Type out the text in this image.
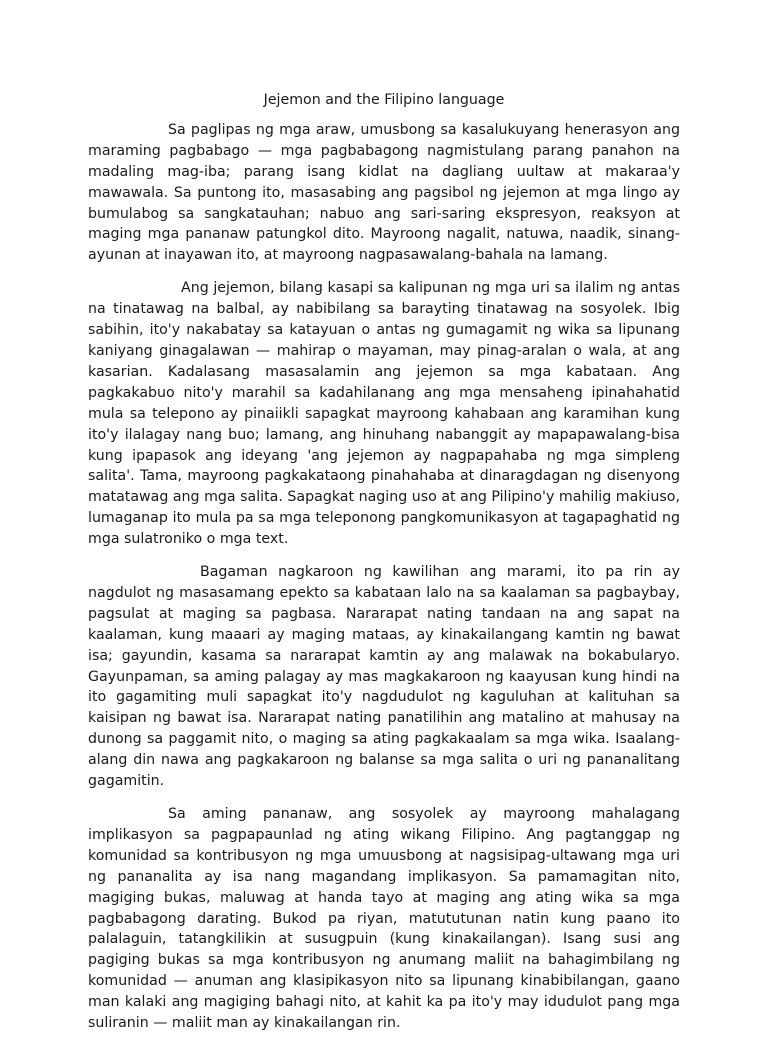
Jejemon and the Filipino language

Sa paglipas ng mga araw, umusbong sa kasalukuyang henerasyon ang maraming pagbabago — mga pagbabagong nagmistulang parang panahon na madaling mag-iba; parang isang kidlat na dagliang uultaw at makaraa'y mawawala. Sa puntong ito, masasabing ang pagsibol ng jejemon at mga lingo ay bumulabog sa sangkatauhan; nabuo ang sari-saring ekspresyon, reaksyon at maging mga pananaw patungkol dito. Mayroong nagalit, natuwa, naadik, sinang-ayunan at inayawan ito, at mayroong nagpasawalang-bahala na lamang.

Ang jejemon, bilang kasapi sa kalipunan ng mga uri sa ilalim ng antas na tinatawag na balbal, ay nabibilang sa barayting tinatawag na sosyolek. Ibig sabihin, ito'y nakabatay sa katayuan o antas ng gumagamit ng wika sa lipunang kaniyang ginagalawan — mahirap o mayaman, may pinag-aralan o wala, at ang kasarian. Kadalasang masasalamin ang jejemon sa mga kabataan. Ang pagkakabuo nito'y marahil sa kadahilanang ang mga mensaheng ipinahahatid mula sa telepono ay pinaiikli sapagkat mayroong kahabaan ang karamihan kung ito'y ilalagay nang buo; lamang, ang hinuhang nabanggit ay mapapawalang-bisa kung ipapasok ang ideyang 'ang jejemon ay nagpapahaba ng mga simpleng salita'. Tama, mayroong pagkakataong pinahahaba at dinaragdagan ng disenyong matatawag ang mga salita. Sapagkat naging uso at ang Pilipino'y mahilig makiuso, lumaganap ito mula pa sa mga teleponong pangkomunikasyon at tagapaghatid ng mga sulatroniko o mga text.

Bagaman nagkaroon ng kawilihan ang marami, ito pa rin ay nagdulot ng masasamang epekto sa kabataan lalo na sa kaalaman sa pagbaybay, pagsulat at maging sa pagbasa. Nararapat nating tandaan na ang sapat na kaalaman, kung maaari ay maging mataas, ay kinakailangang kamtin ng bawat isa; gayundin, kasama sa nararapat kamtin ay ang malawak na bokabularyo. Gayunpaman, sa aming palagay ay mas magkakaroon ng kaayusan kung hindi na ito gagamiting muli sapagkat ito'y nagdudulot ng kaguluhan at kalituhan sa kaisipan ng bawat isa. Nararapat nating panatilihin ang matalino at mahusay na dunong sa paggamit nito, o maging sa ating pagkakaalam sa mga wika. Isaalang-alang din nawa ang pagkakaroon ng balanse sa mga salita o uri ng pananalitang gagamitin.

Sa aming pananaw, ang sosyolek ay mayroong mahalagang implikasyon sa pagpapaunlad ng ating wikang Filipino. Ang pagtanggap ng komunidad sa kontribusyon ng mga umuusbong at nagsisipag-ultawang mga uri ng pananalita ay isa nang magandang implikasyon. Sa pamamagitan nito, magiging bukas, maluwag at handa tayo at maging ang ating wika sa mga pagbabagong darating. Bukod pa riyan, matututunan natin kung paano ito palalaguin, tatangkilikin at susugpuin (kung kinakailangan). Isang susi ang pagiging bukas sa mga kontribusyon ng anumang maliit na bahagimbilang ng komunidad — anuman ang klasipikasyon nito sa lipunang kinabibilangan, gaano man kalaki ang magiging bahagi nito, at kahit ka pa ito'y may idudulot pang mga suliranin — maliit man ay kinakailangan rin.
